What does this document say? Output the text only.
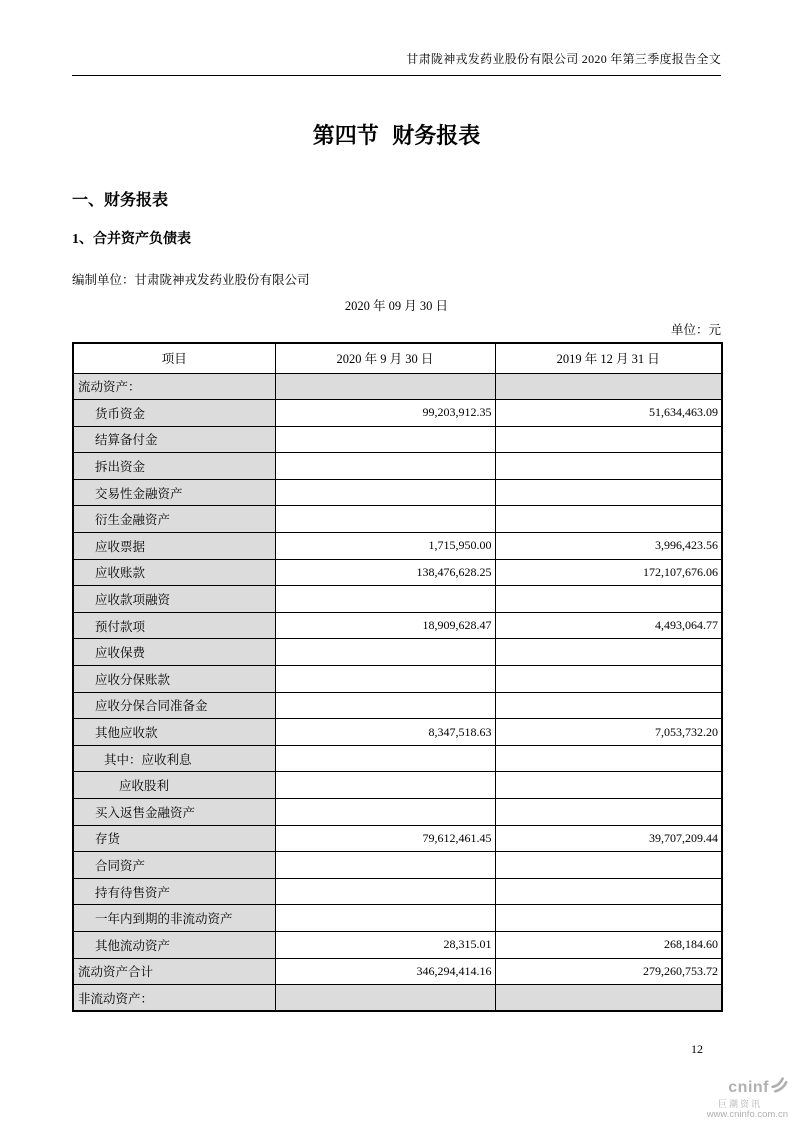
甘肃陇神戎发药业股份有限公司 2020 年第三季度报告全文
第四节 财务报表
一、财务报表
1、合并资产负债表
编制单位：甘肃陇神戎发药业股份有限公司
2020 年 09 月 30 日
单位：元
项目	2020 年 9 月 30 日	2019 年 12 月 31 日
流动资产：		
货币资金	99,203,912.35	51,634,463.09
结算备付金		
拆出资金		
交易性金融资产		
衍生金融资产		
应收票据	1,715,950.00	3,996,423.56
应收账款	138,476,628.25	172,107,676.06
应收款项融资		
预付款项	18,909,628.47	4,493,064.77
应收保费		
应收分保账款		
应收分保合同准备金		
其他应收款	8,347,518.63	7,053,732.20
其中：应收利息		
应收股利		
买入返售金融资产		
存货	79,612,461.45	39,707,209.44
合同资产		
持有待售资产		
一年内到期的非流动资产		
其他流动资产	28,315.01	268,184.60
流动资产合计	346,294,414.16	279,260,753.72
非流动资产：		
12
cninf
巨潮资讯
www.cninfo.com.cn
